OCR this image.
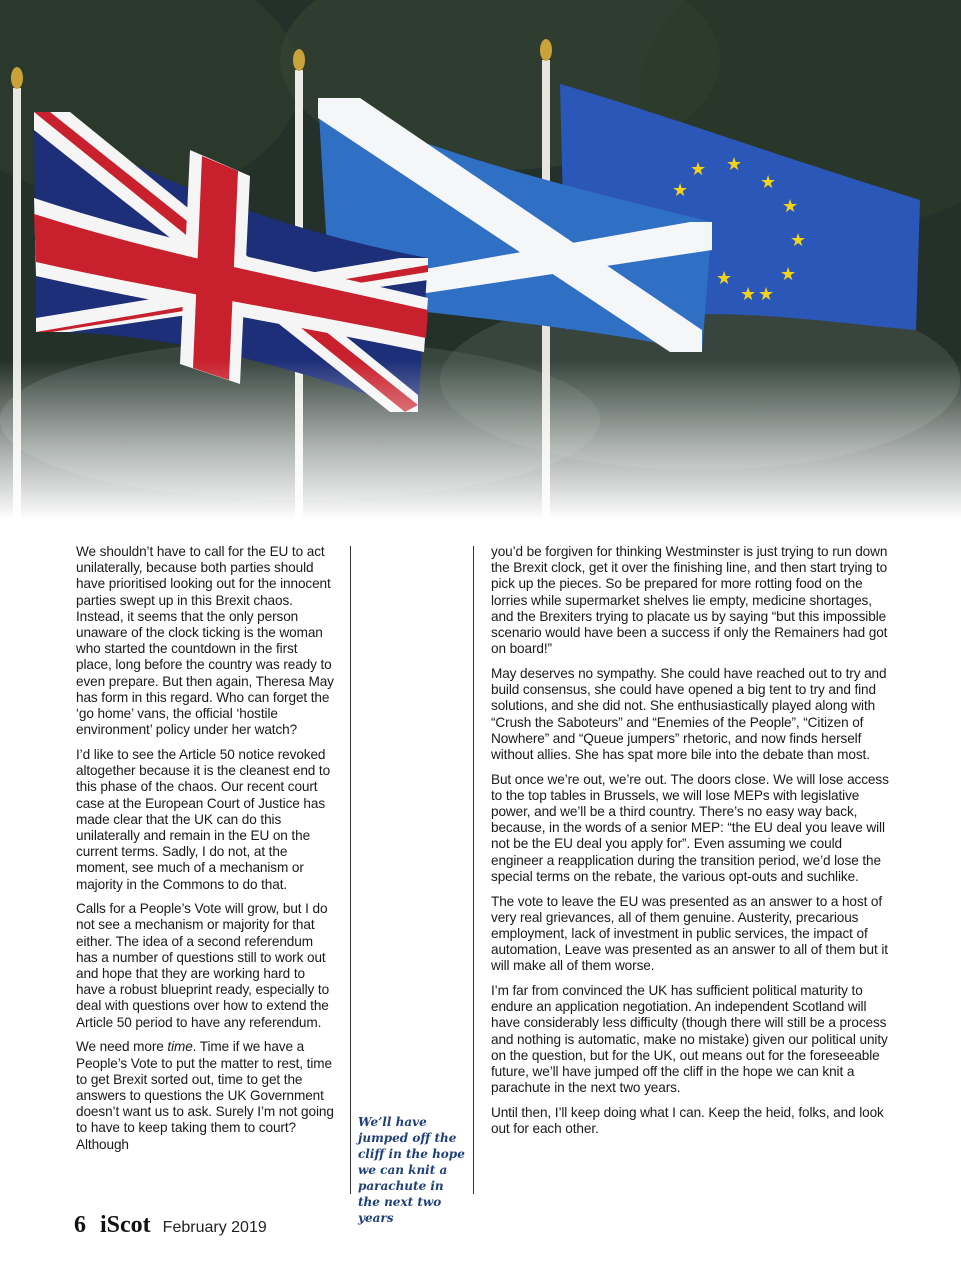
★ ★
★
★
★
★
★
★
★
★

We shouldn’t have to call for the EU to act unilaterally, because both parties should have prioritised looking out for the innocent parties swept up in this Brexit chaos. Instead, it seems that the only person unaware of the clock ticking is the woman who started the countdown in the first place, long before the country was ready to even prepare. But then again, Theresa May has form in this regard. Who can forget the ‘go home’ vans, the official ‘hostile environment’ policy under her watch?

I’d like to see the Article 50 notice revoked altogether because it is the cleanest end to this phase of the chaos. Our recent court case at the European Court of Justice has made clear that the UK can do this unilaterally and remain in the EU on the current terms. Sadly, I do not, at the moment, see much of a mechanism or majority in the Commons to do that.

Calls for a People’s Vote will grow, but I do not see a mechanism or majority for that either. The idea of a second referendum has a number of questions still to work out and hope that they are working hard to have a robust blueprint ready, especially to deal with questions over how to extend the Article 50 period to have any referendum.

We need more time. Time if we have a People’s Vote to put the matter to rest, time to get Brexit sorted out, time to get the answers to questions the UK Government doesn’t want us to ask. Surely I’m not going to have to keep taking them to court? Although

We’ll have jumped off the cliff in the hope we can knit a parachute in the next two years

you’d be forgiven for thinking Westminster is just trying to run down the Brexit clock, get it over the finishing line, and then start trying to pick up the pieces. So be prepared for more rotting food on the lorries while supermarket shelves lie empty, medicine shortages, and the Brexiters trying to placate us by saying “but this impossible scenario would have been a success if only the Remainers had got on board!”

May deserves no sympathy. She could have reached out to try and build consensus, she could have opened a big tent to try and find solutions, and she did not. She enthusiastically played along with “Crush the Saboteurs” and “Enemies of the People”, “Citizen of Nowhere” and “Queue jumpers” rhetoric, and now finds herself without allies. She has spat more bile into the debate than most.

But once we’re out, we’re out. The doors close. We will lose access to the top tables in Brussels, we will lose MEPs with legislative power, and we’ll be a third country. There’s no easy way back, because, in the words of a senior MEP: “the EU deal you leave will not be the EU deal you apply for”. Even assuming we could engineer a reapplication during the transition period, we’d lose the special terms on the rebate, the various opt-outs and suchlike.

The vote to leave the EU was presented as an answer to a host of very real grievances, all of them genuine. Austerity, precarious employment, lack of investment in public services, the impact of automation, Leave was presented as an answer to all of them but it will make all of them worse.

I’m far from convinced the UK has sufficient political maturity to endure an application negotiation. An independent Scotland will have considerably less difficulty (though there will still be a process and nothing is automatic, make no mistake) given our political unity on the question, but for the UK, out means out for the foreseeable future, we’ll have jumped off the cliff in the hope we can knit a parachute in the next two years.

Until then, I’ll keep doing what I can. Keep the heid, folks, and look out for each other.

6 iScot February 2019
